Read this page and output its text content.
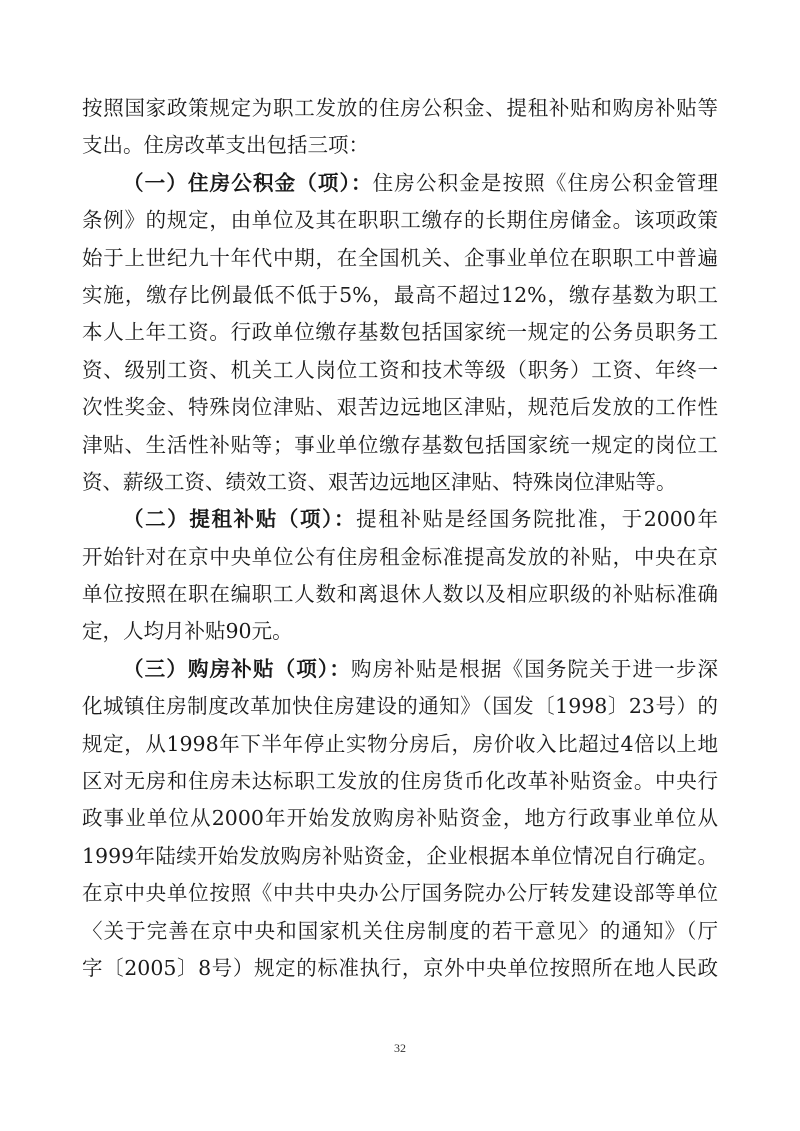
按照国家政策规定为职工发放的住房公积金、提租补贴和购房补贴等
支出。住房改革支出包括三项：
（一）住房公积金（项）：住房公积金是按照《住房公积金管理
条例》的规定，由单位及其在职职工缴存的长期住房储金。该项政策
始于上世纪九十年代中期，在全国机关、企事业单位在职职工中普遍
实施，缴存比例最低不低于5%，最高不超过12%，缴存基数为职工
本人上年工资。行政单位缴存基数包括国家统一规定的公务员职务工
资、级别工资、机关工人岗位工资和技术等级（职务）工资、年终一
次性奖金、特殊岗位津贴、艰苦边远地区津贴，规范后发放的工作性
津贴、生活性补贴等；事业单位缴存基数包括国家统一规定的岗位工
资、薪级工资、绩效工资、艰苦边远地区津贴、特殊岗位津贴等。
（二）提租补贴（项）：提租补贴是经国务院批准，于2000年
开始针对在京中央单位公有住房租金标准提高发放的补贴，中央在京
单位按照在职在编职工人数和离退休人数以及相应职级的补贴标准确
定，人均月补贴90元。
（三）购房补贴（项）：购房补贴是根据《国务院关于进一步深
化城镇住房制度改革加快住房建设的通知》（国发〔1998〕23号）的
规定，从1998年下半年停止实物分房后，房价收入比超过4倍以上地
区对无房和住房未达标职工发放的住房货币化改革补贴资金。中央行
政事业单位从2000年开始发放购房补贴资金，地方行政事业单位从
1999年陆续开始发放购房补贴资金，企业根据本单位情况自行确定。
在京中央单位按照《中共中央办公厅国务院办公厅转发建设部等单位
〈关于完善在京中央和国家机关住房制度的若干意见〉的通知》（厅
字〔2005〕8号）规定的标准执行，京外中央单位按照所在地人民政
32
